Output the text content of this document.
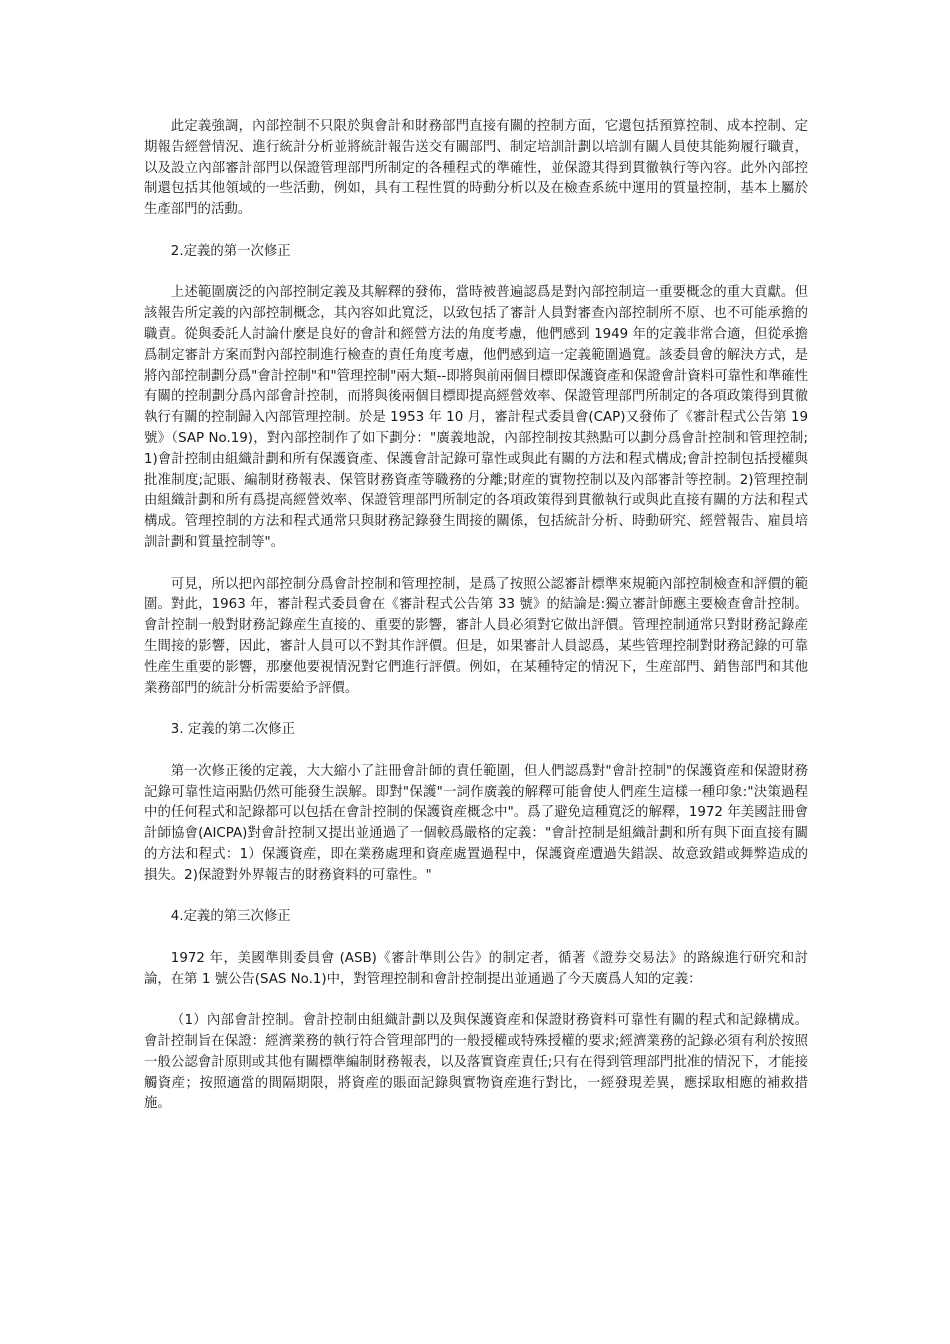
此定義強調，內部控制不只限於與會計和財務部門直接有關的控制方面，它還包括預算控制、成本控制、定期報告經營情況、進行統計分析並將統計報告送交有關部門、制定培訓計劃以培訓有關人員使其能夠履行職責，以及設立內部審計部門以保證管理部門所制定的各種程式的準確性，並保證其得到貫徹執行等內容。此外內部控制還包括其他領域的一些活動，例如，具有工程性質的時動分析以及在檢查系統中運用的質量控制，基本上屬於生產部門的活動。

2.定義的第一次修正

上述範圍廣泛的內部控制定義及其解釋的發佈，當時被普遍認爲是對內部控制這一重要概念的重大貢獻。但該報告所定義的內部控制概念，其內容如此寬泛，以致包括了審計人員對審查內部控制所不原、也不可能承擔的職責。從與委託人討論什麼是良好的會計和經營方法的角度考慮，他們感到 1949 年的定義非常合適，但從承擔爲制定審計方案而對內部控制進行檢查的責任角度考慮，他們感到這一定義範圍過寬。該委員會的解決方式，是將內部控制劃分爲"會計控制"和"管理控制"兩大類--即將與前兩個目標即保護資產和保證會計資料可靠性和準確性有關的控制劃分爲內部會計控制，而將與後兩個目標即提高經營效率、保證管理部門所制定的各項政策得到貫徹執行有關的控制歸入內部管理控制。於是 1953 年 10 月，審計程式委員會(CAP)又發佈了《審計程式公告第 19 號》（SAP No.19)，對內部控制作了如下劃分："廣義地說，內部控制按其熱點可以劃分爲會計控制和管理控制;1)會計控制由組織計劃和所有保護資產、保護會計記錄可靠性或與此有關的方法和程式構成;會計控制包括授權與批准制度;記賬、編制財務報表、保管財務資產等職務的分離;財産的實物控制以及內部審計等控制。2)管理控制由組織計劃和所有爲提高經營效率、保證管理部門所制定的各項政策得到貫徹執行或與此直接有關的方法和程式構成。管理控制的方法和程式通常只與財務記錄發生間接的關係，包括統計分析、時動研究、經營報告、雇員培訓計劃和質量控制等"。

可見，所以把內部控制分爲會計控制和管理控制，是爲了按照公認審計標準來規範內部控制檢查和評價的範圍。對此，1963 年，審計程式委員會在《審計程式公告第 33 號》的結論是:獨立審計師應主要檢查會計控制。會計控制一般對財務記錄産生直接的、重要的影響，審計人員必須對它做出評價。管理控制通常只對財務記錄産生間接的影響，因此，審計人員可以不對其作評價。但是，如果審計人員認爲，某些管理控制對財務記錄的可靠性産生重要的影響，那麼他要視情況對它們進行評價。例如，在某種特定的情況下，生産部門、銷售部門和其他業務部門的統計分析需要給予評價。

3. 定義的第二次修正

第一次修正後的定義，大大縮小了註冊會計師的責任範圍，但人們認爲對"會計控制"的保護資産和保證財務記錄可靠性這兩點仍然可能發生誤解。即對"保護"一詞作廣義的解釋可能會使人們産生這樣一種印象:"決策過程中的任何程式和記錄都可以包括在會計控制的保護資産概念中"。爲了避免這種寬泛的解釋，1972 年美國註冊會計師協會(AICPA)對會計控制又提出並通過了一個較爲嚴格的定義："會計控制是組織計劃和所有與下面直接有關的方法和程式：1）保護資産，即在業務處理和資産處置過程中，保護資産遭過失錯誤、故意致錯或舞弊造成的損失。2)保證對外界報吉的財務資料的可靠性。"

4.定義的第三次修正

1972 年，美國準則委員會 (ASB)《審計準則公告》的制定者，循著《證券交易法》的路線進行研究和討論，在第 1 號公告(SAS No.1)中，對管理控制和會計控制提出並通過了今天廣爲人知的定義：

（1）內部會計控制。會計控制由組織計劃以及與保護資産和保證財務資料可靠性有關的程式和記錄構成。會計控制旨在保證：經濟業務的執行符合管理部門的一般授權或特殊授權的要求;經濟業務的記錄必須有利於按照一般公認會計原則或其他有關標準編制財務報表，以及落實資産責任;只有在得到管理部門批准的情況下，才能接觸資産；按照適當的間隔期限，將資産的賬面記錄與實物資産進行對比，一經發現差異，應採取相應的補救措施。
